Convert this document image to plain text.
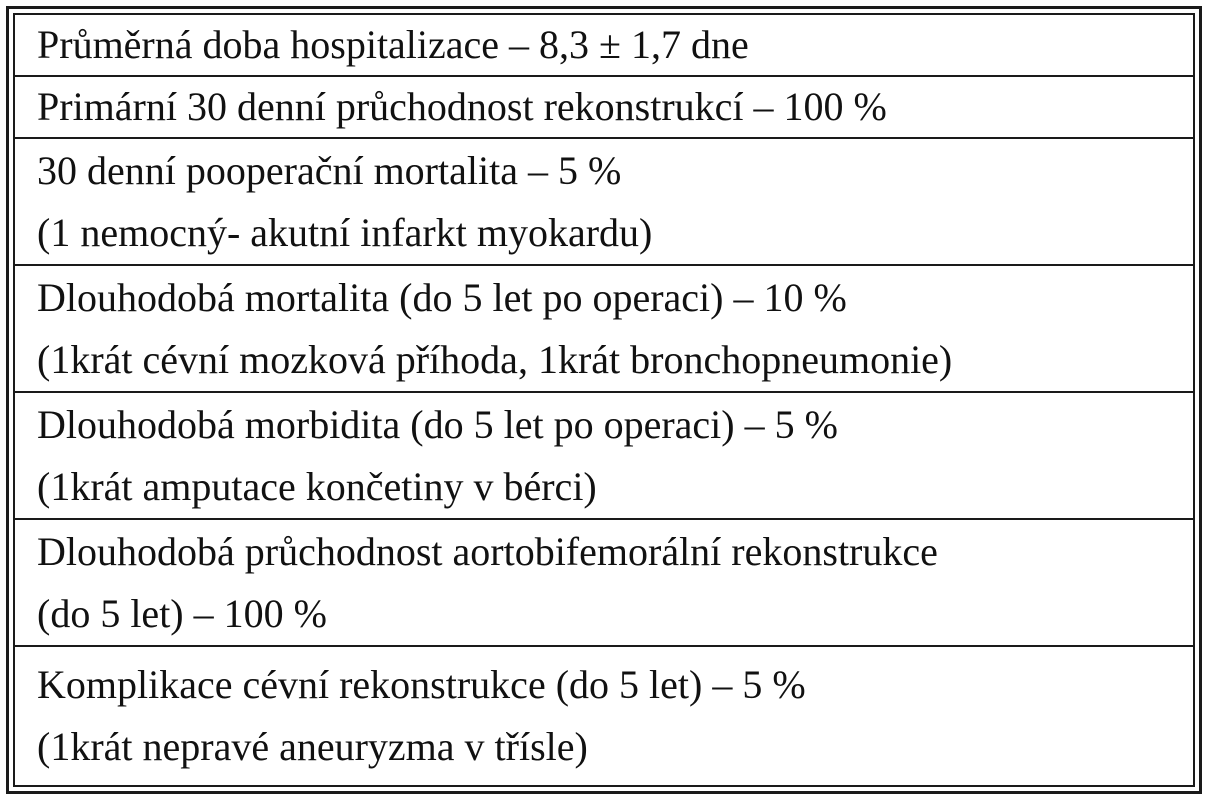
Průměrná doba hospitalizace – 8,3 ± 1,7 dne
Primární 30 denní průchodnost rekonstrukcí – 100 %
30 denní pooperační mortalita – 5 %
(1 nemocný- akutní infarkt myokardu)
Dlouhodobá mortalita (do 5 let po operaci) – 10 %
(1krát cévní mozková příhoda, 1krát bronchopneumonie)
Dlouhodobá morbidita (do 5 let po operaci) – 5 %
(1krát amputace končetiny v bérci)
Dlouhodobá průchodnost aortobifemorální rekonstrukce
(do 5 let) – 100 %
Komplikace cévní rekonstrukce (do 5 let) – 5 %
(1krát nepravé aneuryzma v třísle)
